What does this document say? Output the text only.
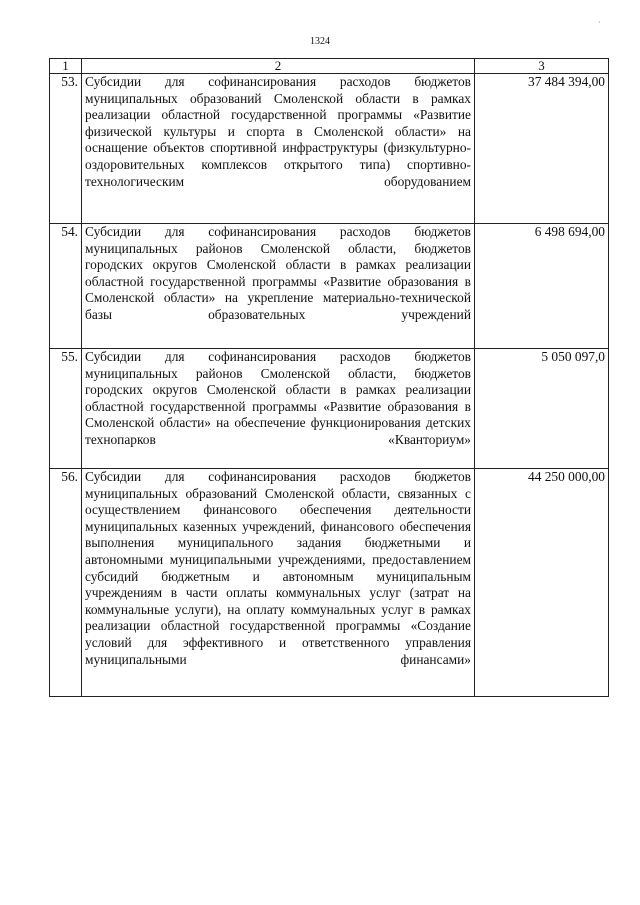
·
1324
1	2	3
53.	Субсидии для софинансирования расходов бюджетов муниципальных образований Смоленской области в рамках реализации областной государственной программы «Развитие физической культуры и спорта в Смоленской области» на оснащение объектов спортивной инфраструктуры (физкультурно-оздоровительных комплексов открытого типа) спортивно-технологическим оборудованием	37 484 394,00
54.	Субсидии для софинансирования расходов бюджетов муниципальных районов Смоленской области, бюджетов городских округов Смоленской области в рамках реализации областной государственной программы «Развитие образования в Смоленской области» на укрепление материально-технической базы образовательных учреждений	6 498 694,00
55.	Субсидии для софинансирования расходов бюджетов муниципальных районов Смоленской области, бюджетов городских округов Смоленской области в рамках реализации областной государственной программы «Развитие образования в Смоленской области» на обеспечение функционирования детских технопарков «Кванториум»	5 050 097,0
56.	Субсидии для софинансирования расходов бюджетов муниципальных образований Смоленской области, связанных с осуществлением финансового обеспечения деятельности муниципальных казенных учреждений, финансового обеспечения выполнения муниципального задания бюджетными и автономными муниципальными учреждениями, предоставлением субсидий бюджетным и автономным муниципальным учреждениям в части оплаты коммунальных услуг (затрат на коммунальные услуги), на оплату коммунальных услуг в рамках реализации областной государственной программы «Создание условий для эффективного и ответственного управления муниципальными финансами»	44 250 000,00
